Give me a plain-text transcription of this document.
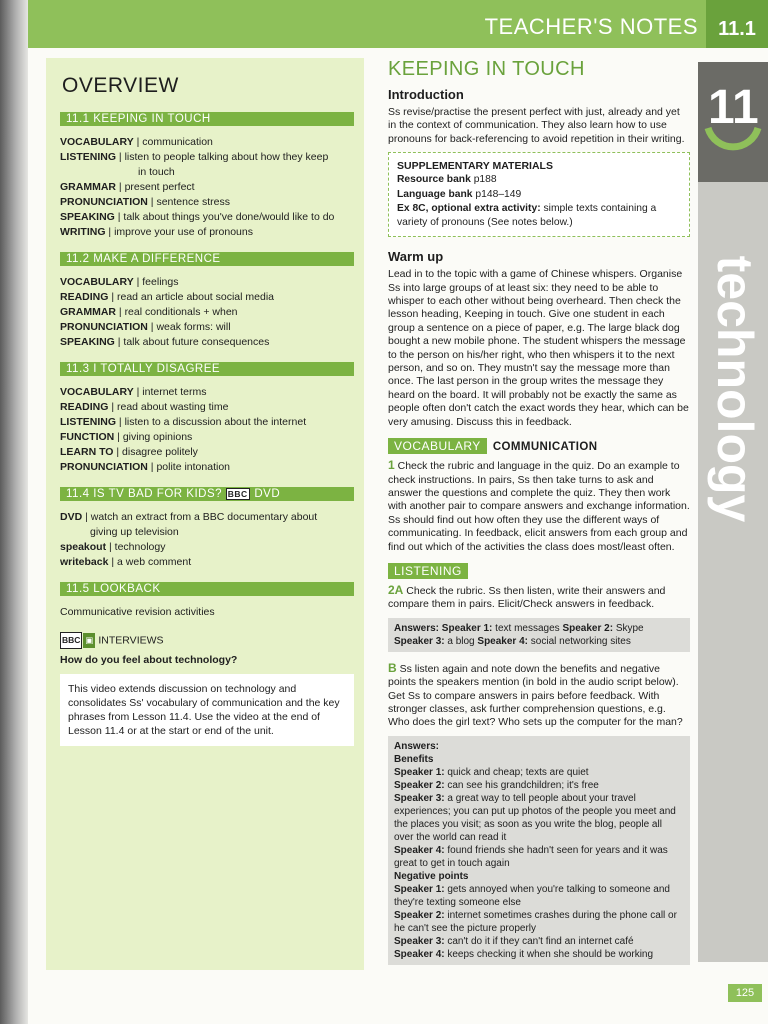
TEACHER'S NOTES	11.1
OVERVIEW
11.1 KEEPING IN TOUCH
VOCABULARY | communication
LISTENING | listen to people talking about how they keep
in touch
GRAMMAR | present perfect
PRONUNCIATION | sentence stress
SPEAKING | talk about things you've done/would like to do
WRITING | improve your use of pronouns
11.2 MAKE A DIFFERENCE
VOCABULARY | feelings
READING | read an article about social media
GRAMMAR | real conditionals + when
PRONUNCIATION | weak forms: will
SPEAKING | talk about future consequences
11.3 I TOTALLY DISAGREE
VOCABULARY | internet terms
READING | read about wasting time
LISTENING | listen to a discussion about the internet
FUNCTION | giving opinions
LEARN TO | disagree politely
PRONUNCIATION | polite intonation
11.4 IS TV BAD FOR KIDS? BBC DVD
DVD | watch an extract from a BBC documentary about
giving up television
speakout | technology
writeback | a web comment
11.5 LOOKBACK
Communicative revision activities
BBC ▣ INTERVIEWS
How do you feel about technology?
This video extends discussion on technology and consolidates Ss' vocabulary of communication and the key phrases from Lesson 11.4. Use the video at the end of Lesson 11.4 or at the start or end of the unit.
KEEPING IN TOUCH
Introduction
Ss revise/practise the present perfect with just, already and yet in the context of communication. They also learn how to use pronouns for back-referencing to avoid repetition in their writing.
SUPPLEMENTARY MATERIALS
Resource bank p188
Language bank p148–149
Ex 8C, optional extra activity: simple texts containing a variety of pronouns (See notes below.)
Warm up
Lead in to the topic with a game of Chinese whispers. Organise Ss into large groups of at least six: they need to be able to whisper to each other without being overheard. Then check the lesson heading, Keeping in touch. Give one student in each group a sentence on a piece of paper, e.g. The large black dog bought a new mobile phone. The student whispers the message to the person on his/her right, who then whispers it to the next person, and so on. They mustn't say the message more than once. The last person in the group writes the message they heard on the board. It will probably not be exactly the same as people often don't catch the exact words they hear, which can be very amusing. Discuss this in feedback.
VOCABULARY COMMUNICATION
1 Check the rubric and language in the quiz. Do an example to check instructions. In pairs, Ss then take turns to ask and answer the questions and complete the quiz. They then work with another pair to compare answers and exchange information. Ss should find out how often they use the different ways of communicating. In feedback, elicit answers from each group and find out which of the activities the class does most/least often.
LISTENING
2A Check the rubric. Ss then listen, write their answers and compare them in pairs. Elicit/Check answers in feedback.
Answers: Speaker 1: text messages Speaker 2: Skype
Speaker 3: a blog Speaker 4: social networking sites
B Ss listen again and note down the benefits and negative points the speakers mention (in bold in the audio script below). Get Ss to compare answers in pairs before feedback. With stronger classes, ask further comprehension questions, e.g. Who does the girl text? Who sets up the computer for the man?
Answers:
Benefits
Speaker 1: quick and cheap; texts are quiet
Speaker 2: can see his grandchildren; it's free
Speaker 3: a great way to tell people about your travel experiences; you can put up photos of the people you meet and the places you visit; as soon as you write the blog, people all over the world can read it
Speaker 4: found friends she hadn't seen for years and it was great to get in touch again
Negative points
Speaker 1: gets annoyed when you're talking to someone and they're texting someone else
Speaker 2: internet sometimes crashes during the phone call or he can't see the picture properly
Speaker 3: can't do it if they can't find an internet café
Speaker 4: keeps checking it when she should be working
11
technology
125
